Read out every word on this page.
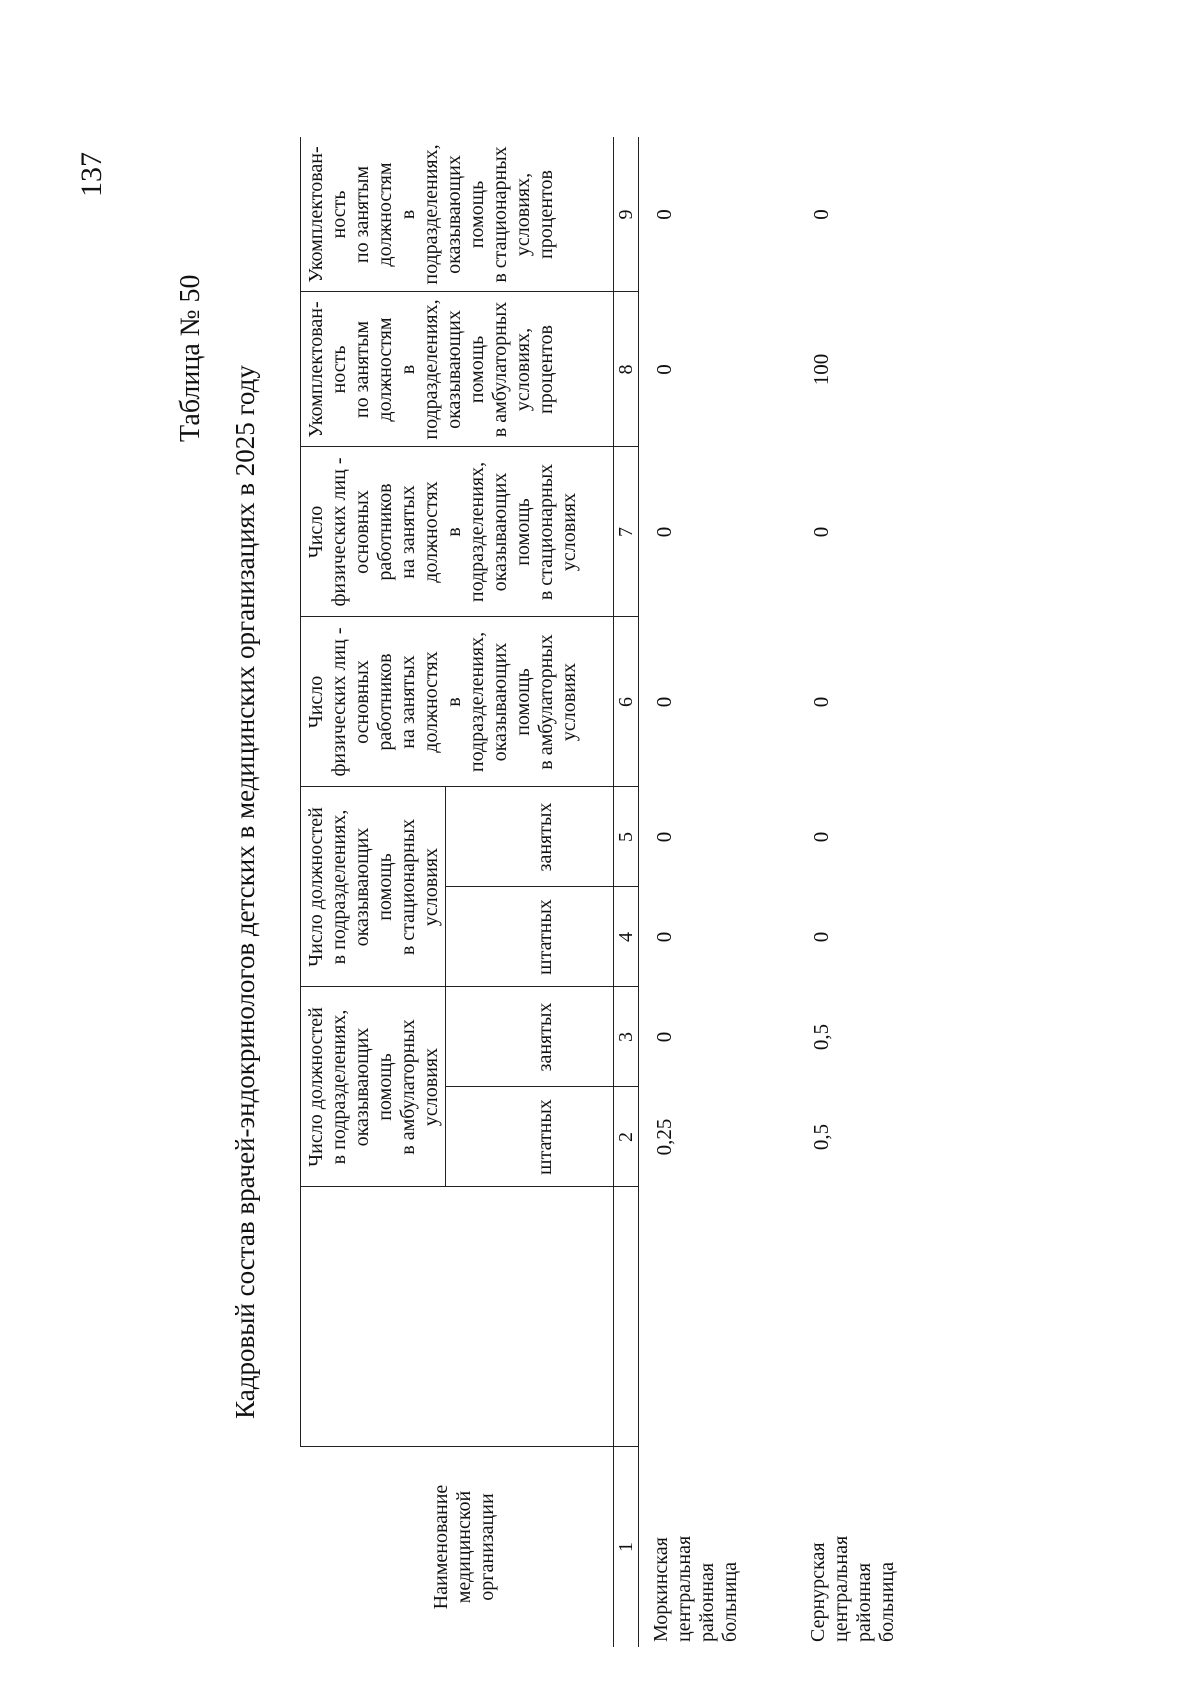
137
Таблица № 50
Кадровый состав врачей-эндокринологов детских в медицинских организациях в 2025 году
Наименование
медицинской
организации
Число должностей
в подразделениях,
оказывающих
помощь
в амбулаторных
условиях
Число должностей
в подразделениях,
оказывающих
помощь
в стационарных
условиях
штатных
занятых
штатных
занятых
Число
физических лиц -
основных
работников
на занятых
должностях
в
подразделениях,
оказывающих
помощь
в амбулаторных
условиях
Число
физических лиц -
основных
работников
на занятых
должностях
в
подразделениях,
оказывающих
помощь
в стационарных
условиях
Укомплектован-
ность
по занятым
должностям
в
подразделениях,
оказывающих
помощь
в амбулаторных
условиях,
процентов
Укомплектован-
ность
по занятым
должностям
в
подразделениях,
оказывающих
помощь
в стационарных
условиях,
процентов
1
2
3
4
5
6
7
8
9
Моркинская
центральная
районная
больница
0,25
0
0
0
0
0
0
0
Сернурская
центральная
районная
больница
0,5
0,5
0
0
0
0
100
0
